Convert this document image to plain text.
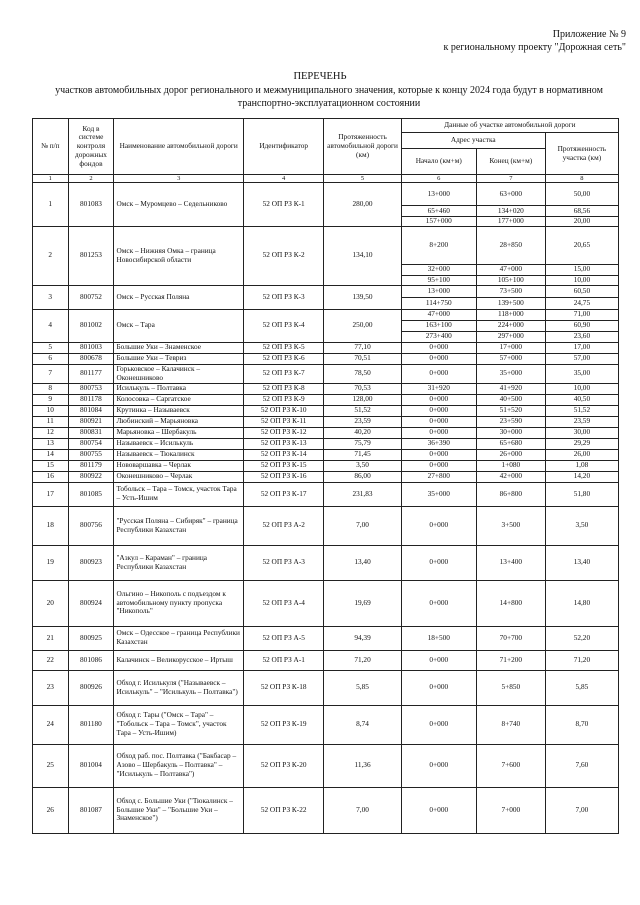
Приложение № 9
к региональному проекту "Дорожная сеть"
ПЕРЕЧЕНЬ
участков автомобильных дорог регионального и межмуниципального значения, которые к концу 2024 года будут в нормативном транспортно-эксплуатационном состоянии
№ п/п	Код в системе контроля дорожных фондов	Наименование автомобильной дороги	Идентификатор	Протяженность автомобильной дороги (км)	Данные об участке автомобильной дороги		
					Адрес участка		Протяженность участка (км)
					Начало (км+м)	Конец (км+м)	
1	2	3	4	5	6	7	8
1	801083	Омск – Муромцево – Седельниково	52 ОП РЗ К-1	280,00	13+000	63+000	50,00
					65+460	134+020	68,56
					157+000	177+000	20,00
2	801253	Омск – Нижняя Омка – граница Новосибирской области	52 ОП РЗ К-2	134,10	8+200	28+850	20,65
					32+000	47+000	15,00
					95+100	105+100	10,00
3	800752	Омск – Русская Поляна	52 ОП РЗ К-3	139,50	13+000	73+500	60,50
					114+750	139+500	24,75
4	801002	Омск – Тара	52 ОП РЗ К-4	250,00	47+000	118+000	71,00
					163+100	224+000	60,90
					273+400	297+000	23,60
5	801003	Большие Уки – Знаменское	52 ОП РЗ К-5	77,10	0+000	17+000	17,00
6	800678	Большие Уки – Тевриз	52 ОП РЗ К-6	70,51	0+000	57+000	57,00
7	801177	Горьковское – Калачинск – Оконешниково	52 ОП РЗ К-7	78,50	0+000	35+000	35,00
8	800753	Исилькуль – Полтавка	52 ОП РЗ К-8	70,53	31+920	41+920	10,00
9	801178	Колосовка – Саргатское	52 ОП РЗ К-9	128,00	0+000	40+500	40,50
10	801084	Крутинка – Называевск	52 ОП РЗ К-10	51,52	0+000	51+520	51,52
11	800921	Любинский – Марьяновка	52 ОП РЗ К-11	23,59	0+000	23+590	23,59
12	800831	Марьяновка – Шербакуль	52 ОП РЗ К-12	40,20	0+000	30+000	30,00
13	800754	Называевск – Исилькуль	52 ОП РЗ К-13	75,79	36+390	65+680	29,29
14	800755	Называевск – Тюкалинск	52 ОП РЗ К-14	71,45	0+000	26+000	26,00
15	801179	Нововаршавка – Черлак	52 ОП РЗ К-15	3,50	0+000	1+080	1,08
16	800922	Оконешниково – Черлак	52 ОП РЗ К-16	86,00	27+800	42+000	14,20
17	801085	Тобольск – Тара – Томск, участок Тара – Усть-Ишим	52 ОП РЗ К-17	231,83	35+000	86+800	51,80
18	800756	"Русская Поляна – Сибиряк" – граница Республики Казахстан	52 ОП РЗ А-2	7,00	0+000	3+500	3,50
19	800923	"Азкул – Караман" – граница Республики Казахстан	52 ОП РЗ А-3	13,40	0+000	13+400	13,40
20	800924	Ольгино – Никополь с подъездом к автомобильному пункту пропуска "Никополь"	52 ОП РЗ А-4	19,69	0+000	14+800	14,80
21	800925	Омск – Одесское – граница Республики Казахстан	52 ОП РЗ А-5	94,39	18+500	70+700	52,20
22	801086	Калачинск – Великорусское – Иртыш	52 ОП РЗ А-1	71,20	0+000	71+200	71,20
23	800926	Обход г. Исилькуля ("Называевск – Исилькуль" – "Исилькуль – Полтавка")	52 ОП РЗ К-18	5,85	0+000	5+850	5,85
24	801180	Обход г. Тары ("Омск – Тара" – "Тобольск – Тара – Томск", участок Тара – Усть-Ишим)	52 ОП РЗ К-19	8,74	0+000	8+740	8,70
25	801004	Обход раб. пос. Полтавка ("Бакбасар – Азово – Шербакуль – Полтавка" – "Исилькуль – Полтавка")	52 ОП РЗ К-20	11,36	0+000	7+600	7,60
26	801087	Обход с. Большие Уки ("Тюкалинск – Большие Уки" – "Большие Уки – Знаменское")	52 ОП РЗ К-22	7,00	0+000	7+000	7,00
